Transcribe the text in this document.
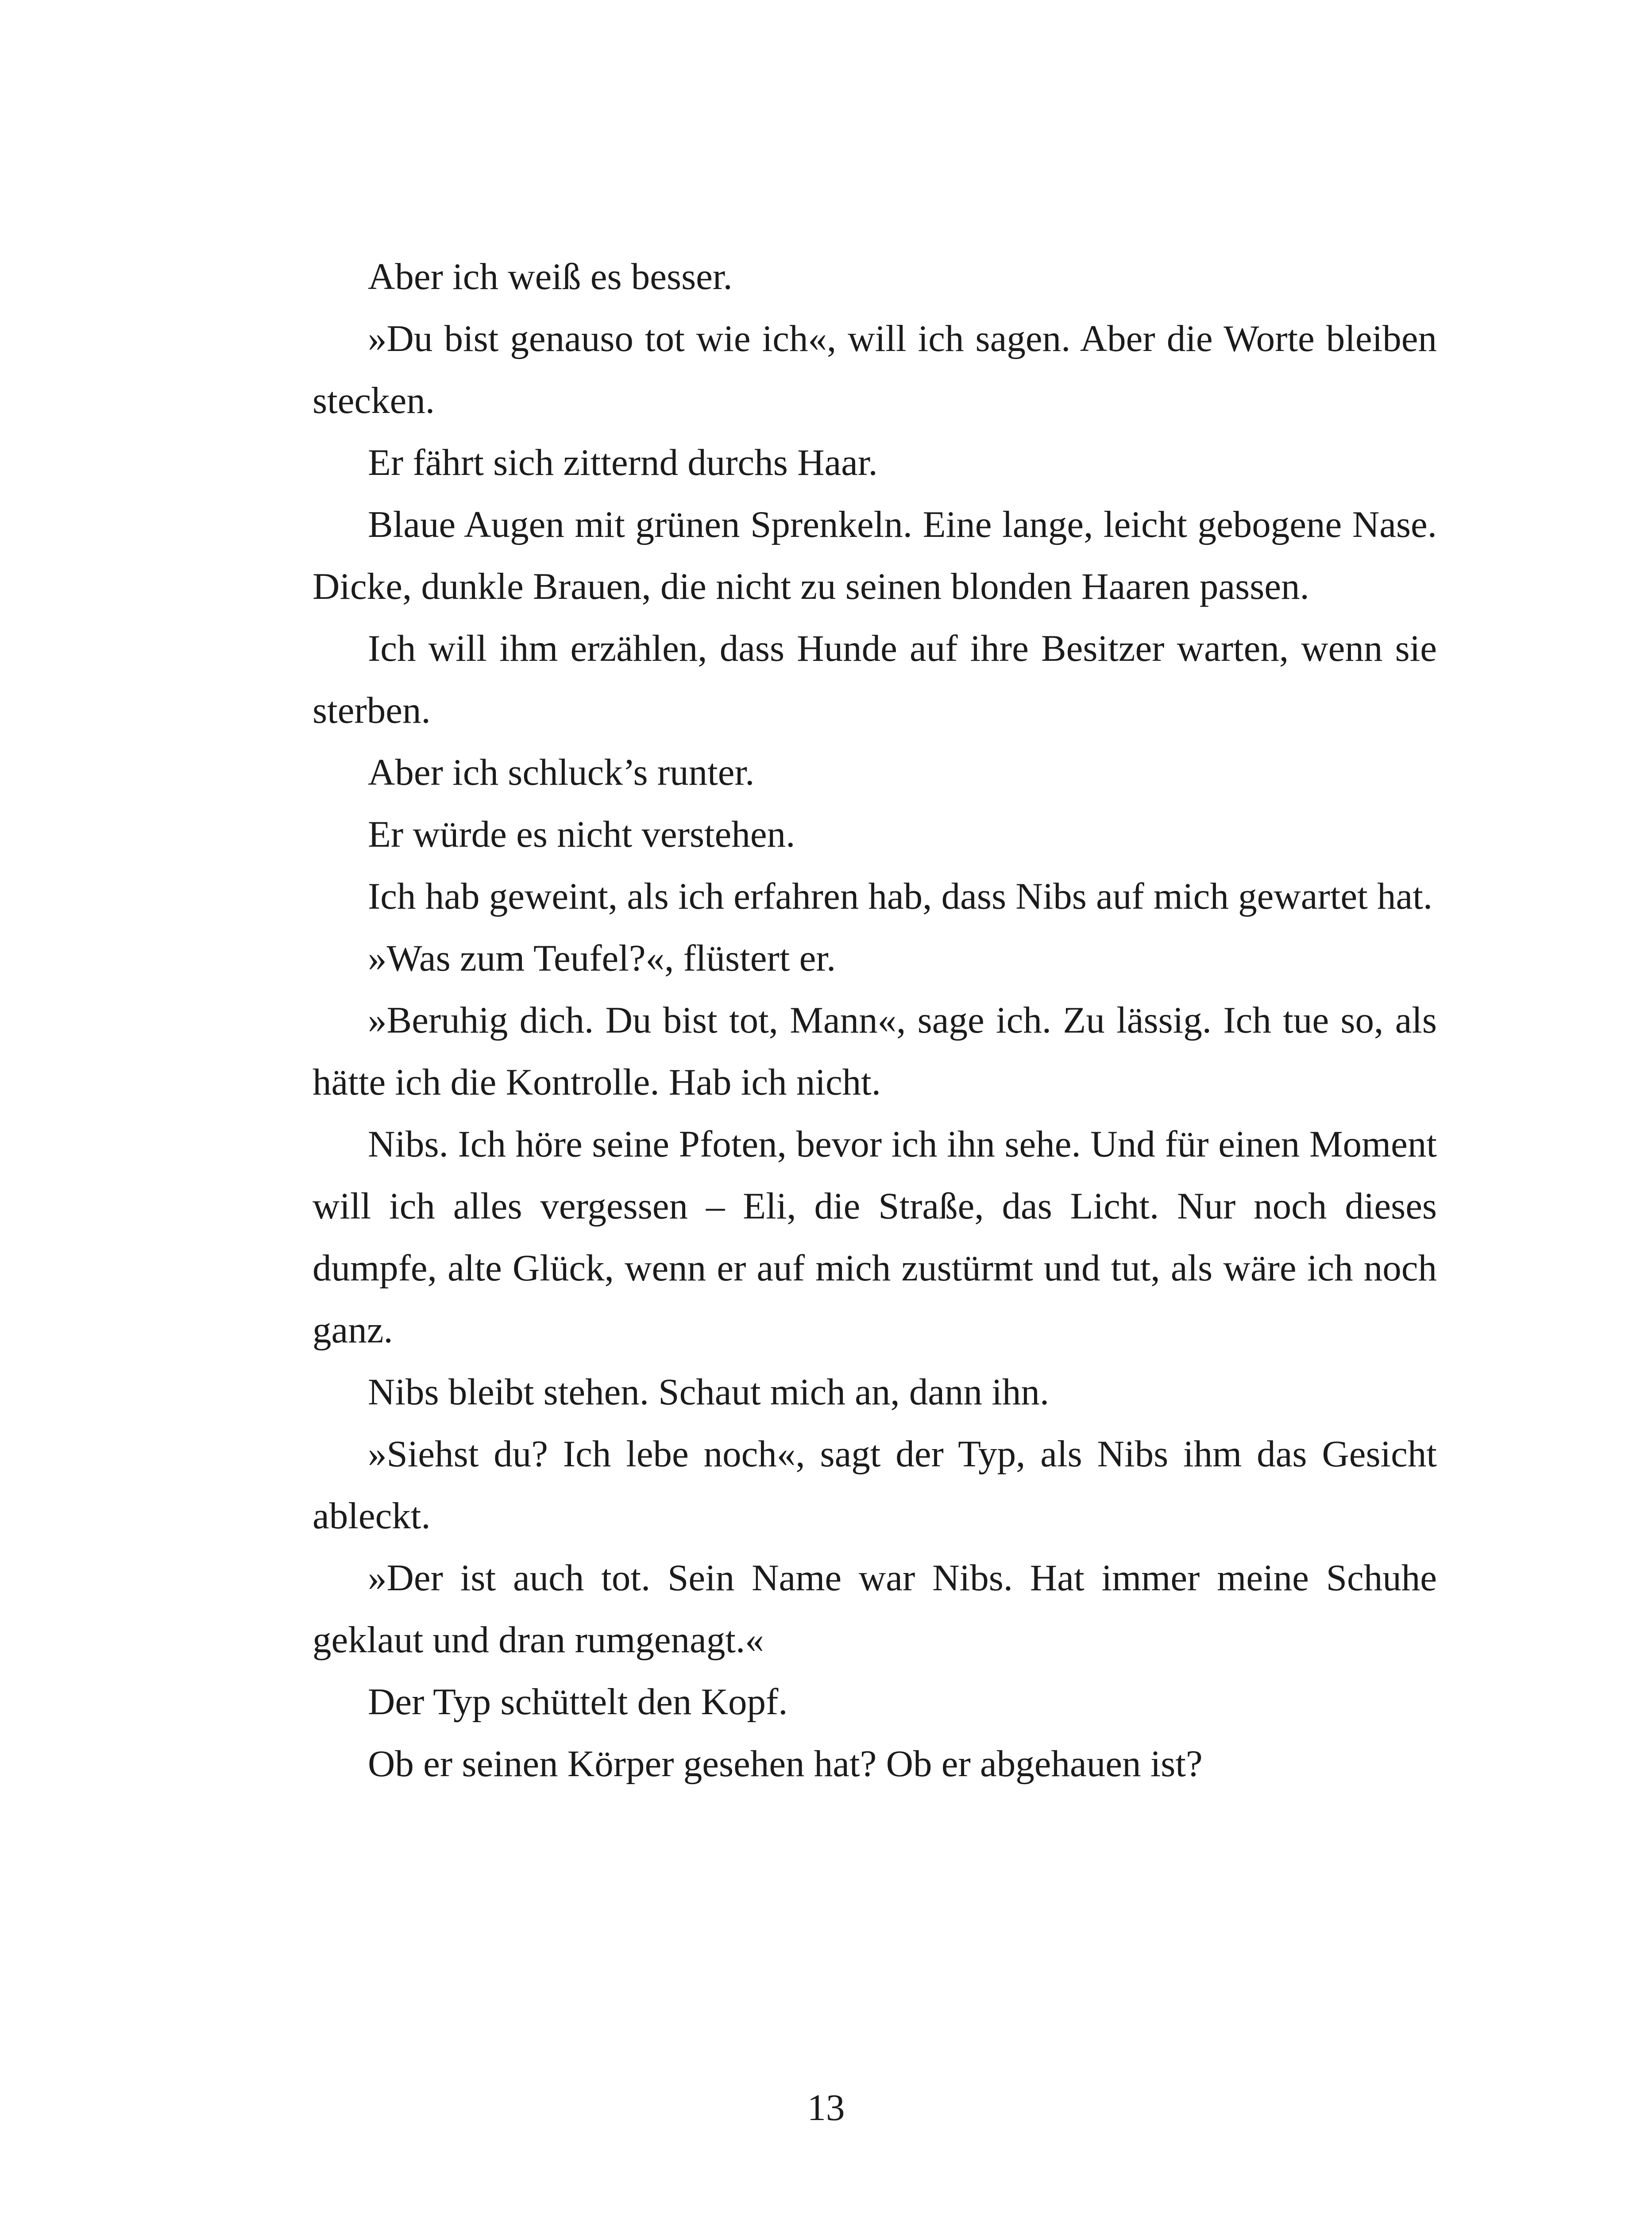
Aber ich weiß es besser.

»Du bist genauso tot wie ich«, will ich sagen. Aber die Worte bleiben stecken.

Er fährt sich zitternd durchs Haar.

Blaue Augen mit grünen Sprenkeln. Eine lange, leicht gebogene Nase. Dicke, dunkle Brauen, die nicht zu seinen blonden Haaren passen.

Ich will ihm erzählen, dass Hunde auf ihre Besitzer warten, wenn sie sterben.

Aber ich schluck’s runter.

Er würde es nicht verstehen.

Ich hab geweint, als ich erfahren hab, dass Nibs auf mich gewartet hat.

»Was zum Teufel?«, flüstert er.

»Beruhig dich. Du bist tot, Mann«, sage ich. Zu lässig. Ich tue so, als hätte ich die Kontrolle. Hab ich nicht.

Nibs. Ich höre seine Pfoten, bevor ich ihn sehe. Und für einen Moment will ich alles vergessen – Eli, die Straße, das Licht. Nur noch dieses dumpfe, alte Glück, wenn er auf mich zustürmt und tut, als wäre ich noch ganz.

Nibs bleibt stehen. Schaut mich an, dann ihn.

»Siehst du? Ich lebe noch«, sagt der Typ, als Nibs ihm das Gesicht ableckt.

»Der ist auch tot. Sein Name war Nibs. Hat immer meine Schuhe geklaut und dran rumgenagt.«

Der Typ schüttelt den Kopf.

Ob er seinen Körper gesehen hat? Ob er abgehauen ist?

13
